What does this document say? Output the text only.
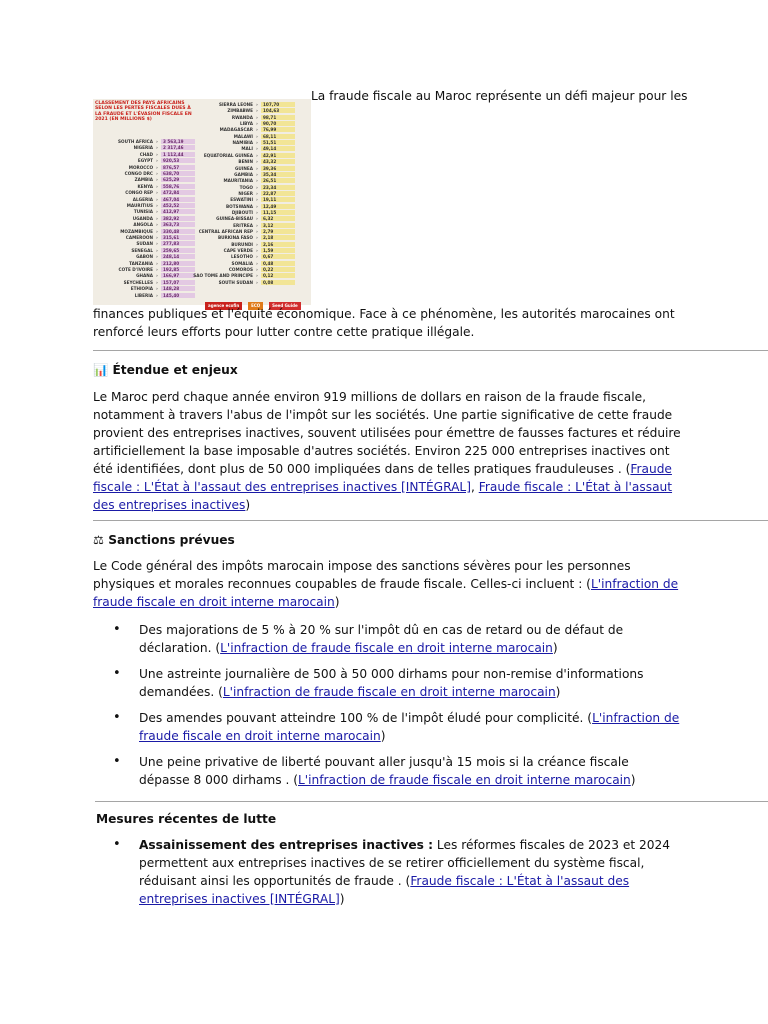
CLASSEMENT DES PAYS AFRICAINS SELON LES PERTES FISCALES DUES À LA FRAUDE ET L'ÉVASION FISCALE EN 2021 (EN MILLIONS $)
SOUTH AFRICA › 3 563,19
NIGERIA › 2 317,46
CHAD › 1 112,44
EGYPT › 920,53
MOROCCO › 876,57
CONGO DRC › 638,70
ZAMBIA › 625,29
KENYA › 558,76
CONGO REP › 472,84
ALGERIA › 467,04
MAURITIUS › 452,52
TUNISIA › 412,97
UGANDA › 382,92
ANGOLA › 363,73
MOZAMBIQUE › 330,48
CAMEROON › 315,61
SUDAN › 277,83
SENEGAL › 259,65
GABON › 248,14
TANZANIA › 212,80
COTE D'IVOIRE › 192,85
GHANA › 166,97
SEYCHELLES › 157,07
ETHIOPIA › 148,28
LIBERIA › 145,40
SIERRA LEONE › 107,70
ZIMBABWE › 104,63
RWANDA › 98,71
LIBYA › 90,70
MADAGASCAR › 76,99
MALAWI › 68,11
NAMIBIA › 51,51
MALI › 49,14
EQUATORIAL GUINEA › 42,91
BENIN › 43,32
GUINEA › 39,36
GAMBIA › 35,34
MAURITANIA › 26,51
TOGO › 23,34
NIGER › 22,87
ESWATINI › 19,11
BOTSWANA › 12,49
DJIBOUTI › 11,15
GUINEA-BISSAU › 6,32
ERITREA › 3,12
CENTRAL AFRICAN REP › 2,79
BURKINA FASO › 2,18
BURUNDI › 2,16
CAPE VERDE › 1,59
LESOTHO › 0,67
SOMALIA › 0,48
COMOROS › 0,22
SAO TOME AND PRINCIPE › 0,12
SOUTH SUDAN › 0,08
agence ecofin	ECO	Seed Guide
La fraude fiscale au Maroc représente un défi majeur pour les

finances publiques et l'équité économique. Face à ce phénomène, les autorités marocaines ont renforcé leurs efforts pour lutter contre cette pratique illégale.

📊 Étendue et enjeux

Le Maroc perd chaque année environ 919 millions de dollars en raison de la fraude fiscale, notamment à travers l'abus de l'impôt sur les sociétés. Une partie significative de cette fraude provient des entreprises inactives, souvent utilisées pour émettre de fausses factures et réduire artificiellement la base imposable d'autres sociétés. Environ 225 000 entreprises inactives ont été identifiées, dont plus de 50 000 impliquées dans de telles pratiques frauduleuses . (Fraude fiscale : L'État à l'assaut des entreprises inactives [INTÉGRAL], Fraude fiscale : L'État à l'assaut des entreprises inactives)

⚖ Sanctions prévues

Le Code général des impôts marocain impose des sanctions sévères pour les personnes physiques et morales reconnues coupables de fraude fiscale. Celles-ci incluent : (L'infraction de fraude fiscale en droit interne marocain)

• Des majorations de 5 % à 20 % sur l'impôt dû en cas de retard ou de défaut de déclaration. (L'infraction de fraude fiscale en droit interne marocain)
• Une astreinte journalière de 500 à 50 000 dirhams pour non-remise d'informations demandées. (L'infraction de fraude fiscale en droit interne marocain)
• Des amendes pouvant atteindre 100 % de l'impôt éludé pour complicité. (L'infraction de fraude fiscale en droit interne marocain)
• Une peine privative de liberté pouvant aller jusqu'à 15 mois si la créance fiscale dépasse 8 000 dirhams . (L'infraction de fraude fiscale en droit interne marocain)
Mesures récentes de lutte
• Assainissement des entreprises inactives : Les réformes fiscales de 2023 et 2024 permettent aux entreprises inactives de se retirer officiellement du système fiscal, réduisant ainsi les opportunités de fraude . (Fraude fiscale : L'État à l'assaut des entreprises inactives [INTÉGRAL])
